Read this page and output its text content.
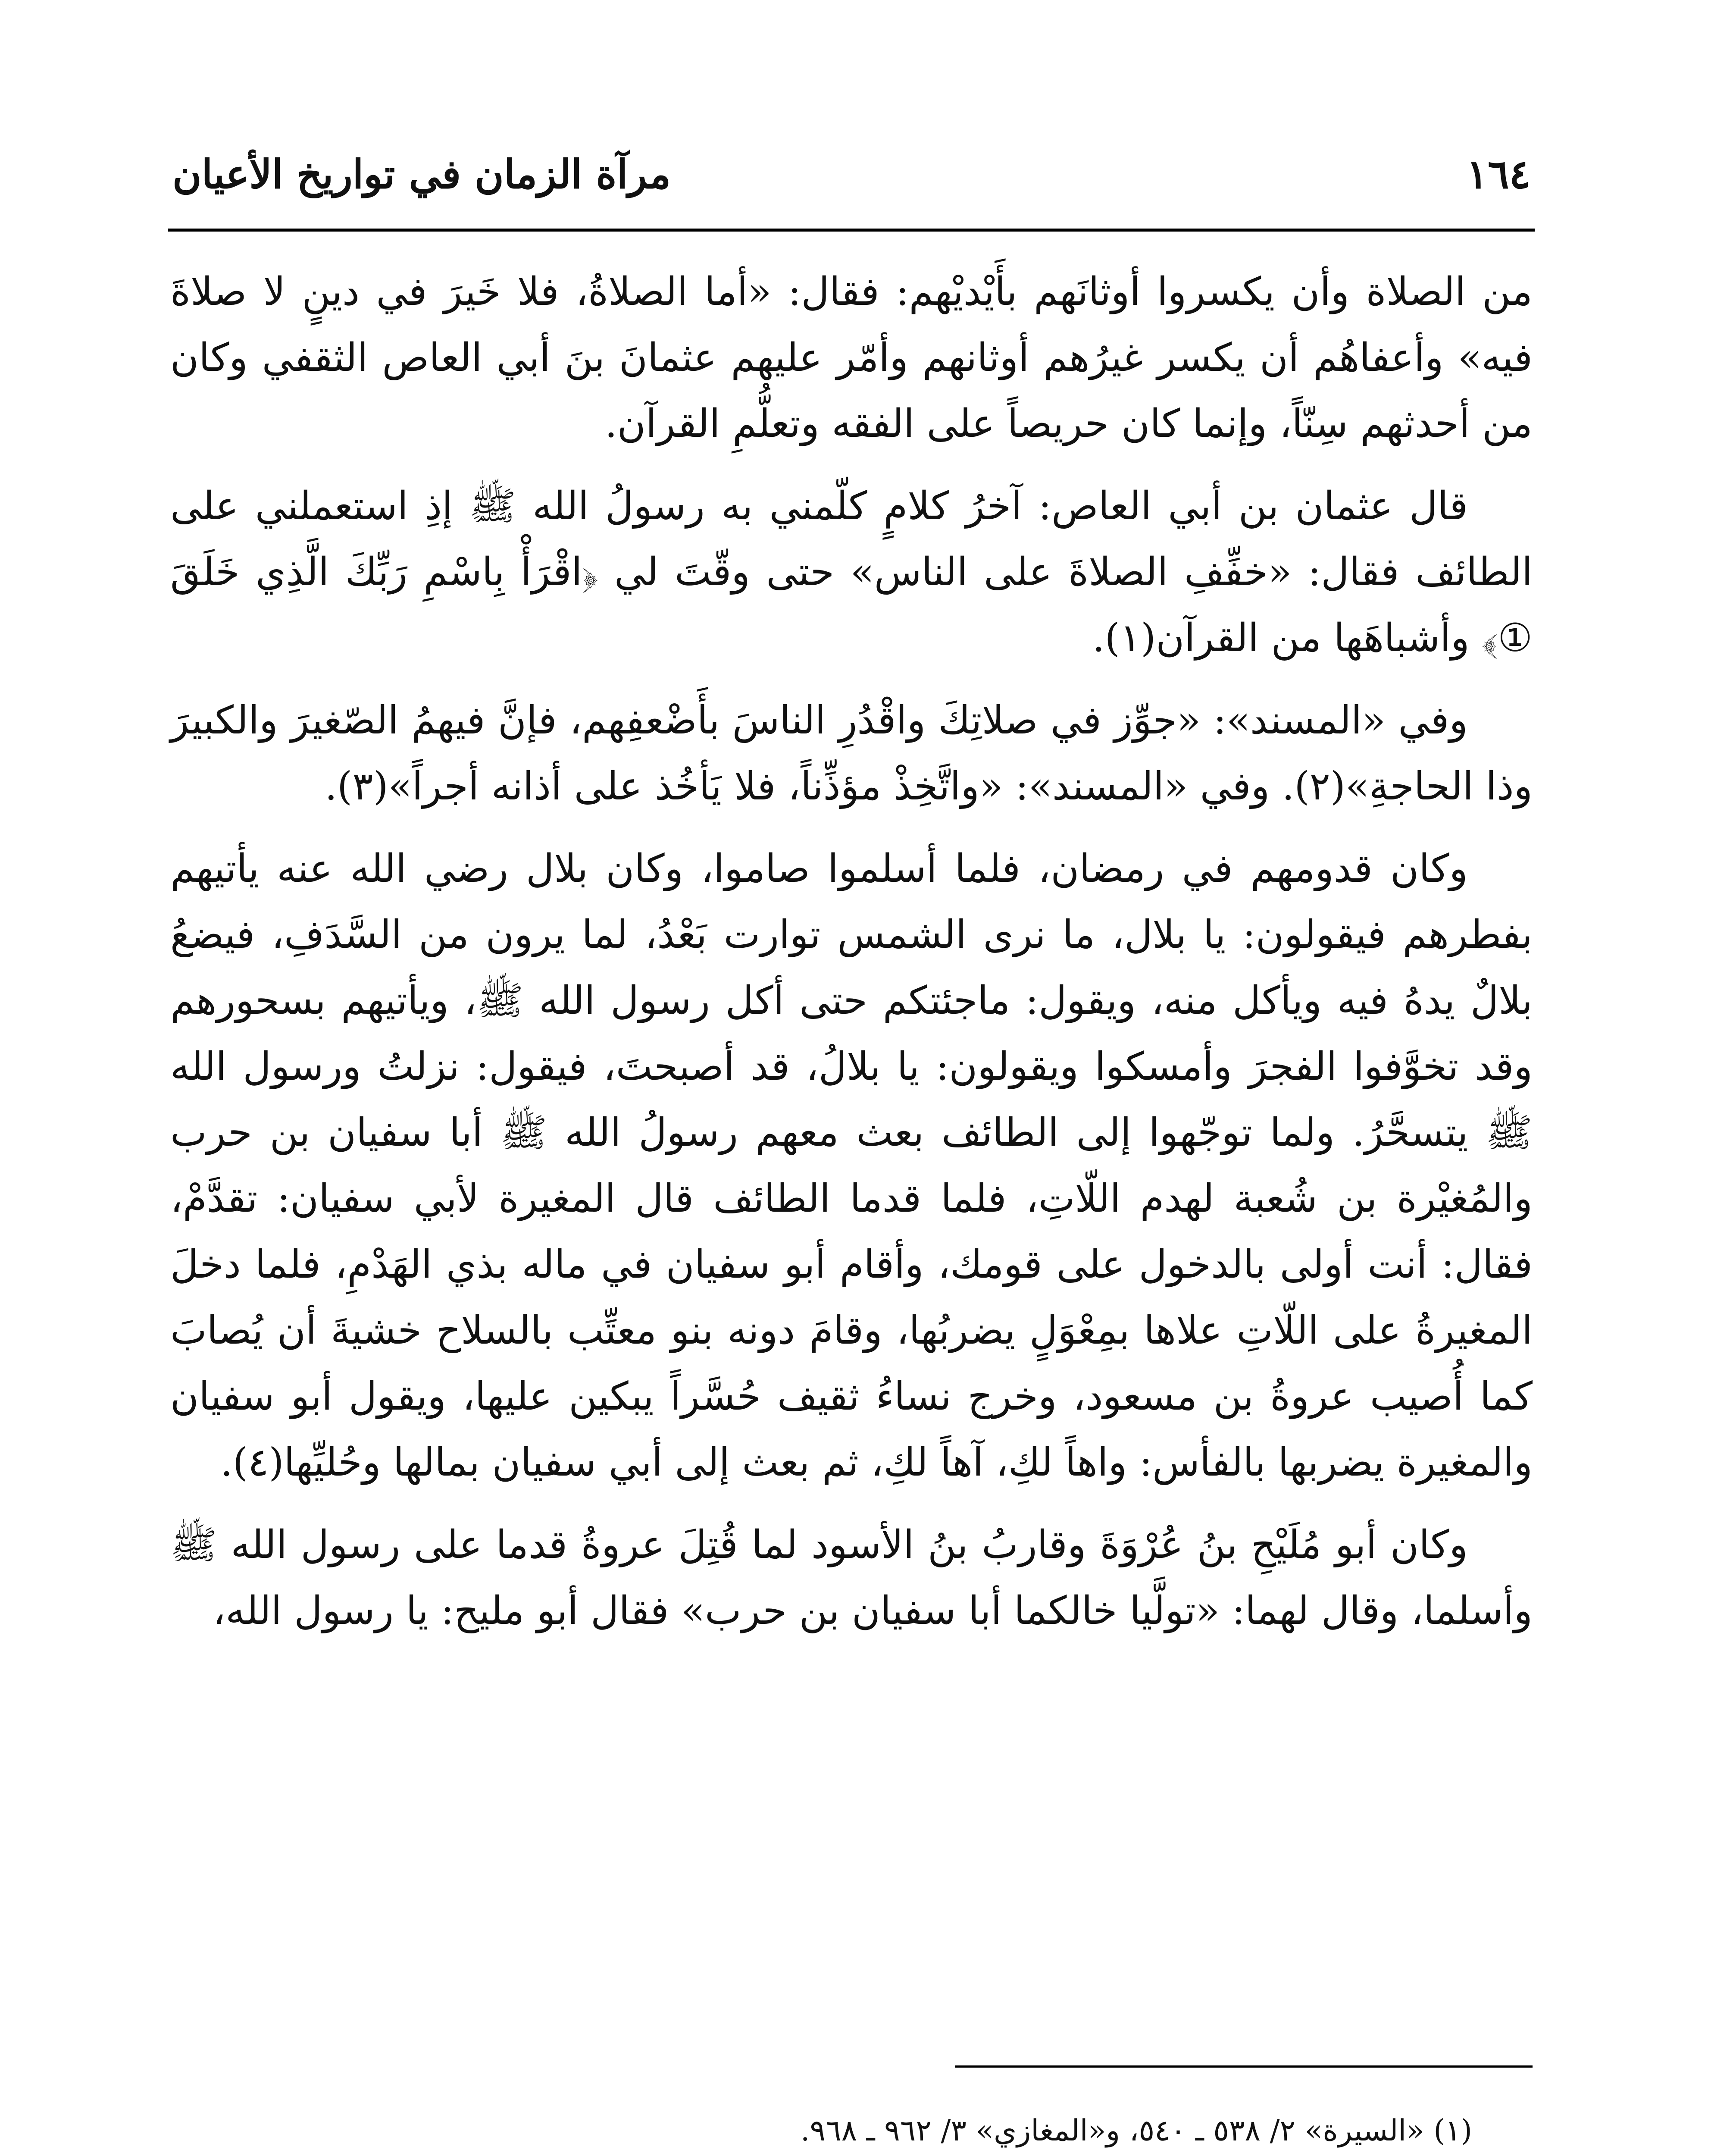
١٦٤
مرآة الزمان في تواريخ الأعيان

من الصلاة وأن يكسروا أوثانَهم بأَيْديْهم: فقال: «أما الصلاةُ، فلا خَيرَ في دينٍ لا صلاةَ فيه» وأعفاهُم أن يكسر غيرُهم أوثانهم وأمّر عليهم عثمانَ بنَ أبي العاص الثقفي وكان من أحدثهم سِنّاً، وإنما كان حريصاً على الفقه وتعلُّمِ القرآن.

قال عثمان بن أبي العاص: آخرُ كلامٍ كلّمني به رسولُ الله ﷺ إذِ استعملني على الطائف فقال: «خفِّفِ الصلاةَ على الناس» حتى وقّتَ لي ﴿اقْرَأْ بِاسْمِ رَبِّكَ الَّذِي خَلَقَ ①﴾ وأشباهَها من القرآن(١).

وفي «المسند»: «جوِّز في صلاتِكَ واقْدُرِ الناسَ بأَضْعفِهم، فإنَّ فيهمُ الصّغيرَ والكبيرَ وذا الحاجةِ»(٢). وفي «المسند»: «واتَّخِذْ مؤذِّناً، فلا يَأخُذ على أذانه أجراً»(٣).

وكان قدومهم في رمضان، فلما أسلموا صاموا، وكان بلال رضي الله عنه يأتيهم بفطرهم فيقولون: يا بلال، ما نرى الشمس توارت بَعْدُ، لما يرون من السَّدَفِ، فيضعُ بلالٌ يدهُ فيه ويأكل منه، ويقول: ماجئتكم حتى أكل رسول الله ﷺ، ويأتيهم بسحورهم وقد تخوَّفوا الفجرَ وأمسكوا ويقولون: يا بلالُ، قد أصبحتَ، فيقول: نزلتُ ورسول الله ﷺ يتسحَّرُ. ولما توجّهوا إلى الطائف بعث معهم رسولُ الله ﷺ أبا سفيان بن حرب والمُغيْرة بن شُعبة لهدم اللّاتِ، فلما قدما الطائف قال المغيرة لأبي سفيان: تقدَّمْ، فقال: أنت أولى بالدخول على قومك، وأقام أبو سفيان في ماله بذي الهَدْمِ، فلما دخلَ المغيرةُ على اللّاتِ علاها بمِعْوَلٍ يضربُها، وقامَ دونه بنو معتِّب بالسلاح خشيةَ أن يُصابَ كما أُصيب عروةُ بن مسعود، وخرج نساءُ ثقيف حُسَّراً يبكين عليها، ويقول أبو سفيان والمغيرة يضربها بالفأس: واهاً لكِ، آهاً لكِ، ثم بعث إلى أبي سفيان بمالها وحُليِّها(٤).

وكان أبو مُلَيْحِ بنُ عُرْوَةَ وقاربُ بنُ الأسود لما قُتِلَ عروةُ قدما على رسول الله ﷺ وأسلما، وقال لهما: «تولَّيا خالكما أبا سفيان بن حرب» فقال أبو مليح: يا رسول الله،

(١) «السيرة» ٢/ ٥٣٨ ـ ٥٤٠، و«المغازي» ٣/ ٩٦٢ ـ ٩٦٨.
